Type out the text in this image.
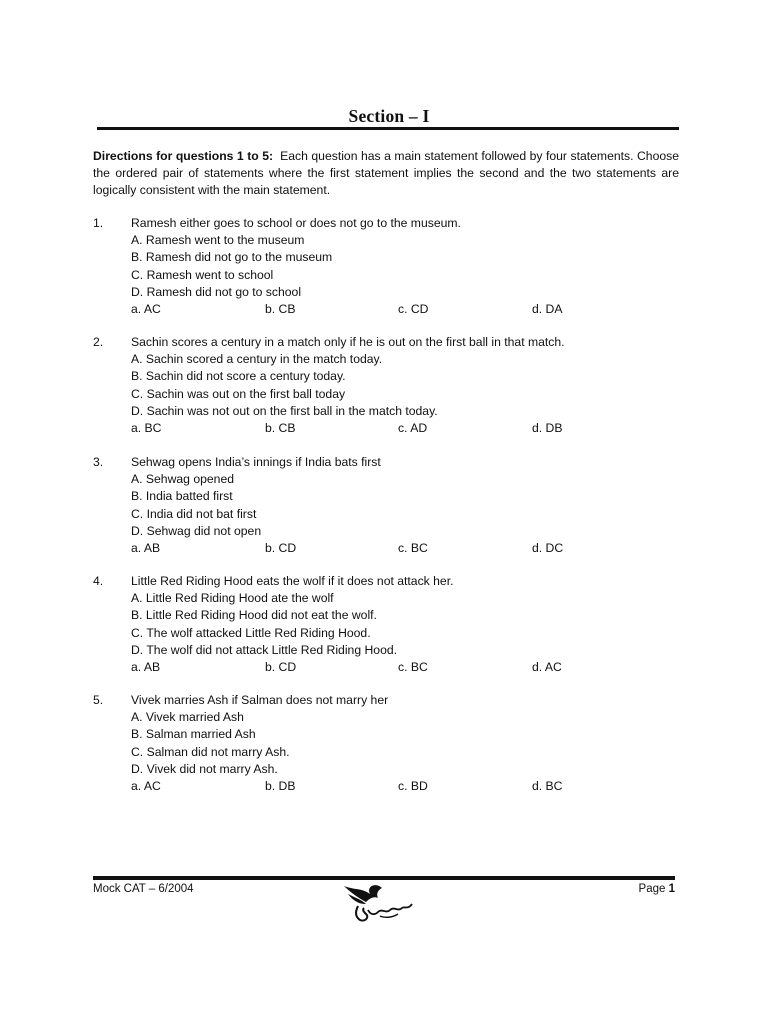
Section – I
Directions for questions 1 to 5: Each question has a main statement followed by four statements. Choose the ordered pair of statements where the first statement implies the second and the two statements are logically consistent with the main statement.
1. Ramesh either goes to school or does not go to the museum.
A. Ramesh went to the museum
B. Ramesh did not go to the museum
C. Ramesh went to school
D. Ramesh did not go to school
a. AC	b. CB	c. CD	d. DA
2. Sachin scores a century in a match only if he is out on the first ball in that match.
A. Sachin scored a century in the match today.
B. Sachin did not score a century today.
C. Sachin was out on the first ball today
D. Sachin was not out on the first ball in the match today.
a. BC	b. CB	c. AD	d. DB
3. Sehwag opens India’s innings if India bats first
A. Sehwag opened
B. India batted first
C. India did not bat first
D. Sehwag did not open
a. AB	b. CD	c. BC	d. DC
4. Little Red Riding Hood eats the wolf if it does not attack her.
A. Little Red Riding Hood ate the wolf
B. Little Red Riding Hood did not eat the wolf.
C. The wolf attacked Little Red Riding Hood.
D. The wolf did not attack Little Red Riding Hood.
a. AB	b. CD	c. BC	d. AC
5. Vivek marries Ash if Salman does not marry her
A. Vivek married Ash
B. Salman married Ash
C. Salman did not marry Ash.
D. Vivek did not marry Ash.
a. AC	b. DB	c. BD	d. BC
Mock CAT – 6/2004	Page 1
